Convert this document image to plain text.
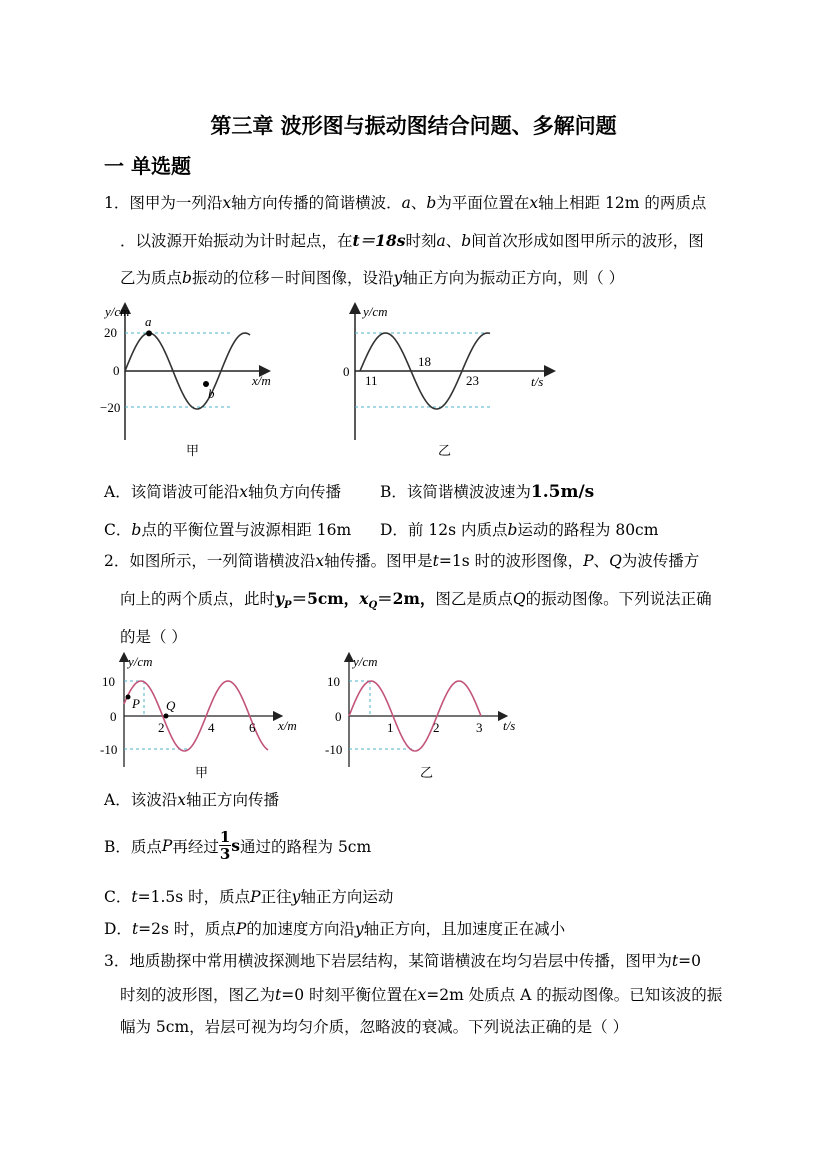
第三章 波形图与振动图结合问题、多解问题
一 单选题
1．图甲为一列沿x轴方向传播的简谐横波．a、b为平面位置在x轴上相距 12m 的两质点
．以波源开始振动为计时起点，在t＝18s时刻a、b间首次形成如图甲所示的波形，图
乙为质点b振动的位移－时间图像，设沿y轴正方向为振动正方向，则（ ）
y/cm
20
0
−20
a
b
x/m
甲
y/cm
0
11
18
23	t/s
乙
A．该简谐波可能沿x轴负方向传播	B．该简谐横波波速为1.5m/s
C．b点的平衡位置与波源相距 16m D．前 12s 内质点b运动的路程为 80cm
2．如图所示，一列简谐横波沿x轴传播。图甲是t=1s 时的波形图像，P、Q为波传播方
向上的两个质点，此时$y_P=5cm$，$x_Q=2m$，图乙是质点Q的振动图像。下列说法正确
的是（ ）
y/cm
10
0
-10
P Q
2	4	6 x/m
甲
y/cm
10
0
-10
1	2	3 t/s
乙
A．该波沿x轴正方向传播
B．质点 P 再经过 $\frac{1}{3}$ s 通过的路程为 5cm
C．t=1.5s 时，质点P正往y轴正方向运动
D．t=2s 时，质点P的加速度方向沿y轴正方向，且加速度正在减小
3．地质勘探中常用横波探测地下岩层结构，某简谐横波在均匀岩层中传播，图甲为t=0
时刻的波形图，图乙为t=0 时刻平衡位置在x=2m 处质点 A 的振动图像。已知该波的振
幅为 5cm，岩层可视为均匀介质，忽略波的衰减。下列说法正确的是（ ）
